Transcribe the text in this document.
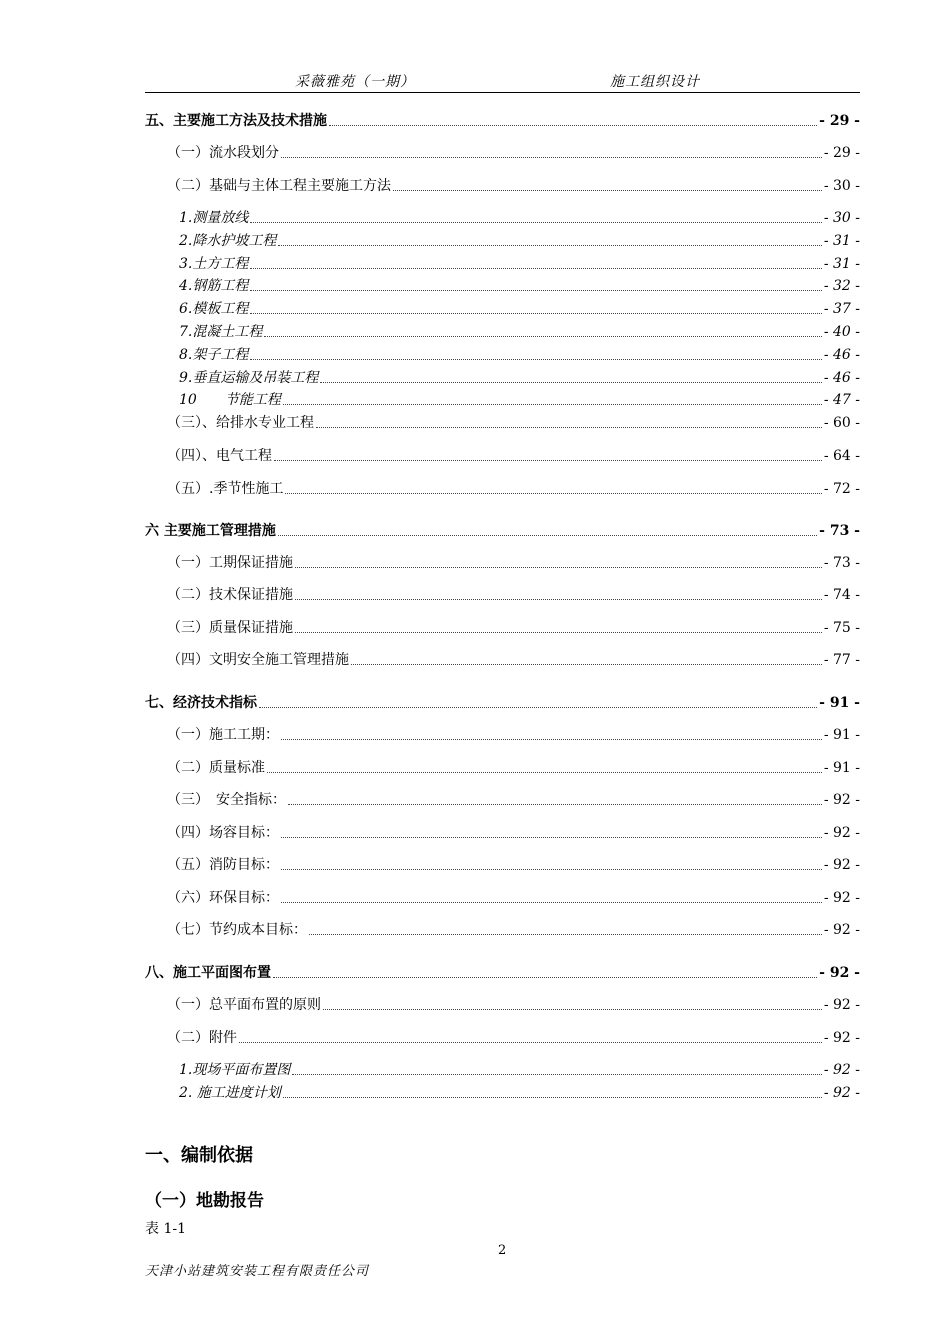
采薇雅苑（一期）	施工组织设计
五、主要施工方法及技术措施	- 29 -
（一）流水段划分	- 29 -
（二）基础与主体工程主要施工方法	- 30 -
1.测量放线	- 30 -
2.降水护坡工程	- 31 -
3.土方工程	- 31 -
4.钢筋工程	- 32 -
6.模板工程	- 37 -
7.混凝土工程	- 40 -
8.架子工程	- 46 -
9.垂直运输及吊装工程	- 46 -
10　　节能工程	- 47 -
（三）、给排水专业工程	- 60 -
（四）、电气工程	- 64 -
（五）.季节性施工	- 72 -
六 主要施工管理措施	- 73 -
（一）工期保证措施	- 73 -
（二）技术保证措施	- 74 -
（三）质量保证措施	- 75 -
（四）文明安全施工管理措施	- 77 -
七、经济技术指标	- 91 -
（一）施工工期：	- 91 -
（二）质量标准	- 91 -
（三）　安全指标：	- 92 -
（四）场容目标：	- 92 -
（五）消防目标：	- 92 -
（六）环保目标：	- 92 -
（七）节约成本目标：	- 92 -
八、施工平面图布置	- 92 -
（一）总平面布置的原则	- 92 -
（二）附件	- 92 -
1.现场平面布置图	- 92 -
2. 施工进度计划	- 92 -
一、编制依据
（一）地勘报告
表 1-1
2
天津小站建筑安装工程有限责任公司
